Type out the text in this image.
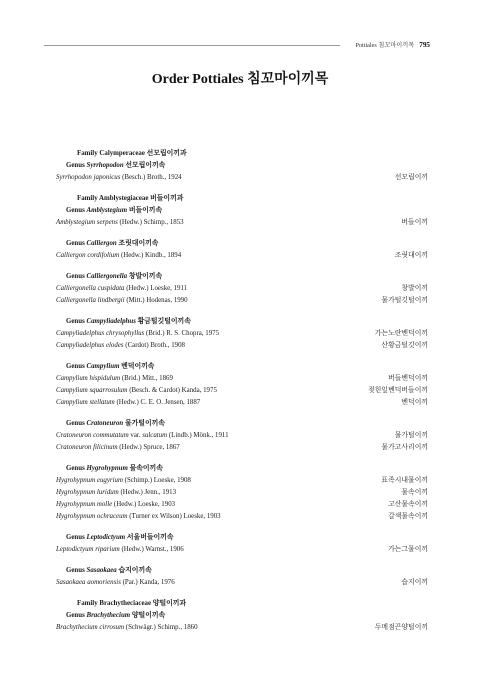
Pottiales 침꼬마이끼목 795
Order Pottiales 침꼬마이끼목
Family Calymperaceae 선모립이끼과
Genus Syrrhopodon 선모립이끼속
Syrrhopodon japonicus (Besch.) Broth., 1924	선모립이끼
Family Amblystegiaceae 버들이끼과
Genus Amblystegium 버들이끼속
Amblystegium serpens (Hedw.) Schimp., 1853	버들이끼
Genus Calliergon 조릿대이끼속
Calliergon cordifolium (Hedw.) Kindb., 1894	조릿대이끼
Genus Calliergonella 창발이끼속
Calliergonella cuspidata (Hedw.) Loeske, 1911	창발이끼
Calliergonella lindbergii (Mitt.) Hodenas, 1990	물가털깃털이끼
Genus Campyliadelphus 황금털깃털이끼속
Campyliadelphus chrysophyllus (Brid.) R. S. Chopra, 1975	가는노란벤덕이끼
Campyliadelphus elodes (Cardot) Broth., 1908	산황금털깃이끼
Genus Campylium 벤덕이끼속
Campylium hispidulum (Brid.) Mitt., 1869	버들벤덕이끼
Campylium squarrosulum (Besch. & Cardot) Kanda, 1975	젖힌잎벤덕버들이끼
Campylium stellatum (Hedw.) C. E. O. Jensen, 1887	벤덕이끼
Genus Cratoneuron 물가털이끼속
Cratoneuron commutatum var. sulcatum (Lindb.) Mönk., 1911	물가털이끼
Cratoneuron filicinum (Hedw.) Spruce, 1867	물가고사리이끼
Genus Hygrohypnum 물속이끼속
Hygrohypnum eugyrium (Schimp.) Loeske, 1908	표족시내물이끼
Hygrohypnum luridum (Hedw.) Jenn., 1913	물속이끼
Hygrohypnum molle (Hedw.) Loeske, 1903	고산물속이끼
Hygrohypnum ochraceum (Turner ex Wilson) Loeske, 1903	갈색물속이끼
Genus Leptodictyum 서울버들이끼속
Leptodictyum riparium (Hedw.) Warnst., 1906	가는그물이끼
Genus Sasaokaea 습지이끼속
Sasaokaea aomoriensis (Par.) Kanda, 1976	습지이끼
Family Brachytheciaceae 양털이끼과
Genus Brachythecium 양털이끼속
Brachythecium cirrosum (Schwägr.) Schimp., 1860	두메점끈양털이끼
